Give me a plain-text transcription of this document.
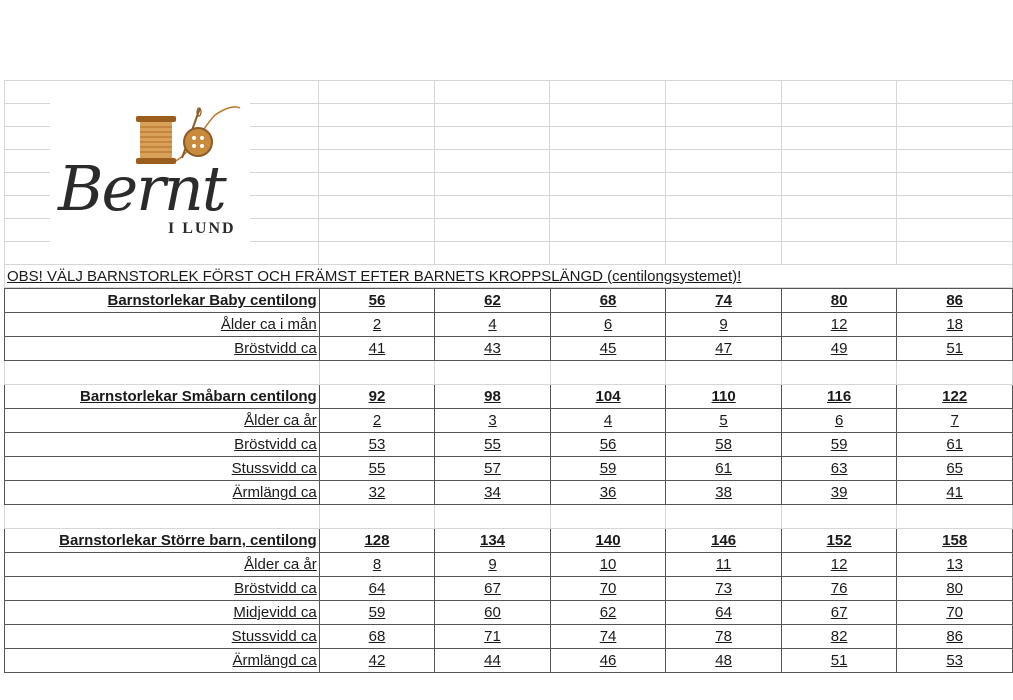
OBS! VÄLJ BARNSTORLEK FÖRST OCH FRÄMST EFTER BARNETS KROPPSLÄNGD (centilongsystemet)!						
Barnstorlekar Baby centilong	56	62	68	74	80	86
Ålder ca i mån	2	4	6	9	12	18
Bröstvidd ca	41	43	45	47	49	51

Barnstorlekar Småbarn centilong	92	98	104	110	116	122
Ålder ca år	2	3	4	5	6	7
Bröstvidd ca	53	55	56	58	59	61
Stussvidd ca	55	57	59	61	63	65
Ärmlängd ca	32	34	36	38	39	41

Barnstorlekar Större barn, centilong	128	134	140	146	152	158
Ålder ca år	8	9	10	11	12	13
Bröstvidd ca	64	67	70	73	76	80
Midjevidd ca	59	60	62	64	67	70
Stussvidd ca	68	71	74	78	82	86
Ärmlängd ca	42	44	46	48	51	53
Bernt
I LUND
